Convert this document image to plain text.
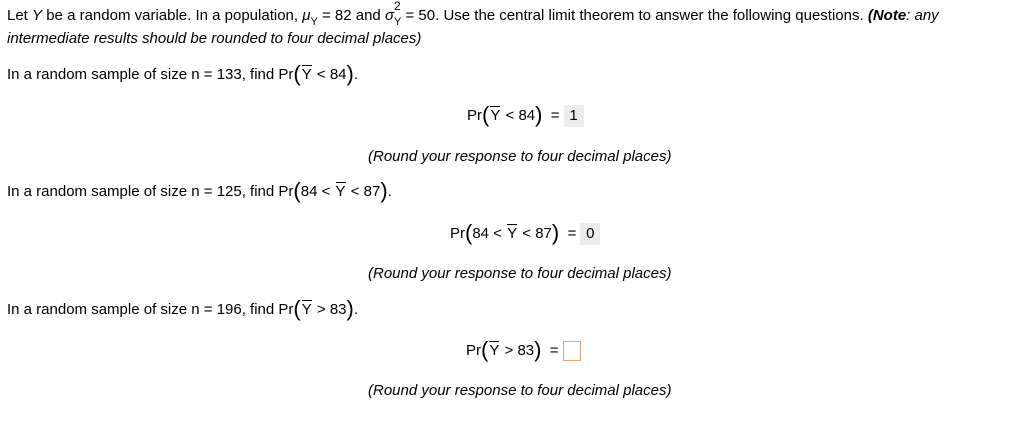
Let Y be a random variable. In a population, $\mu_Y = 82$ and σ
2
$_Y$ = 50. Use the central limit theorem to answer the following questions. (Note: any intermediate results should be rounded to four decimal places)
In a random sample of size n = 133, find Pr(Y < 84).
Pr(Y < 84) = 1
(Round your response to four decimal places)
In a random sample of size n = 125, find Pr(84 < Y < 87).
Pr(84 < Y < 87) = 0
(Round your response to four decimal places)
In a random sample of size n = 196, find Pr(Y > 83).
Pr(Y > 83) =
(Round your response to four decimal places)
